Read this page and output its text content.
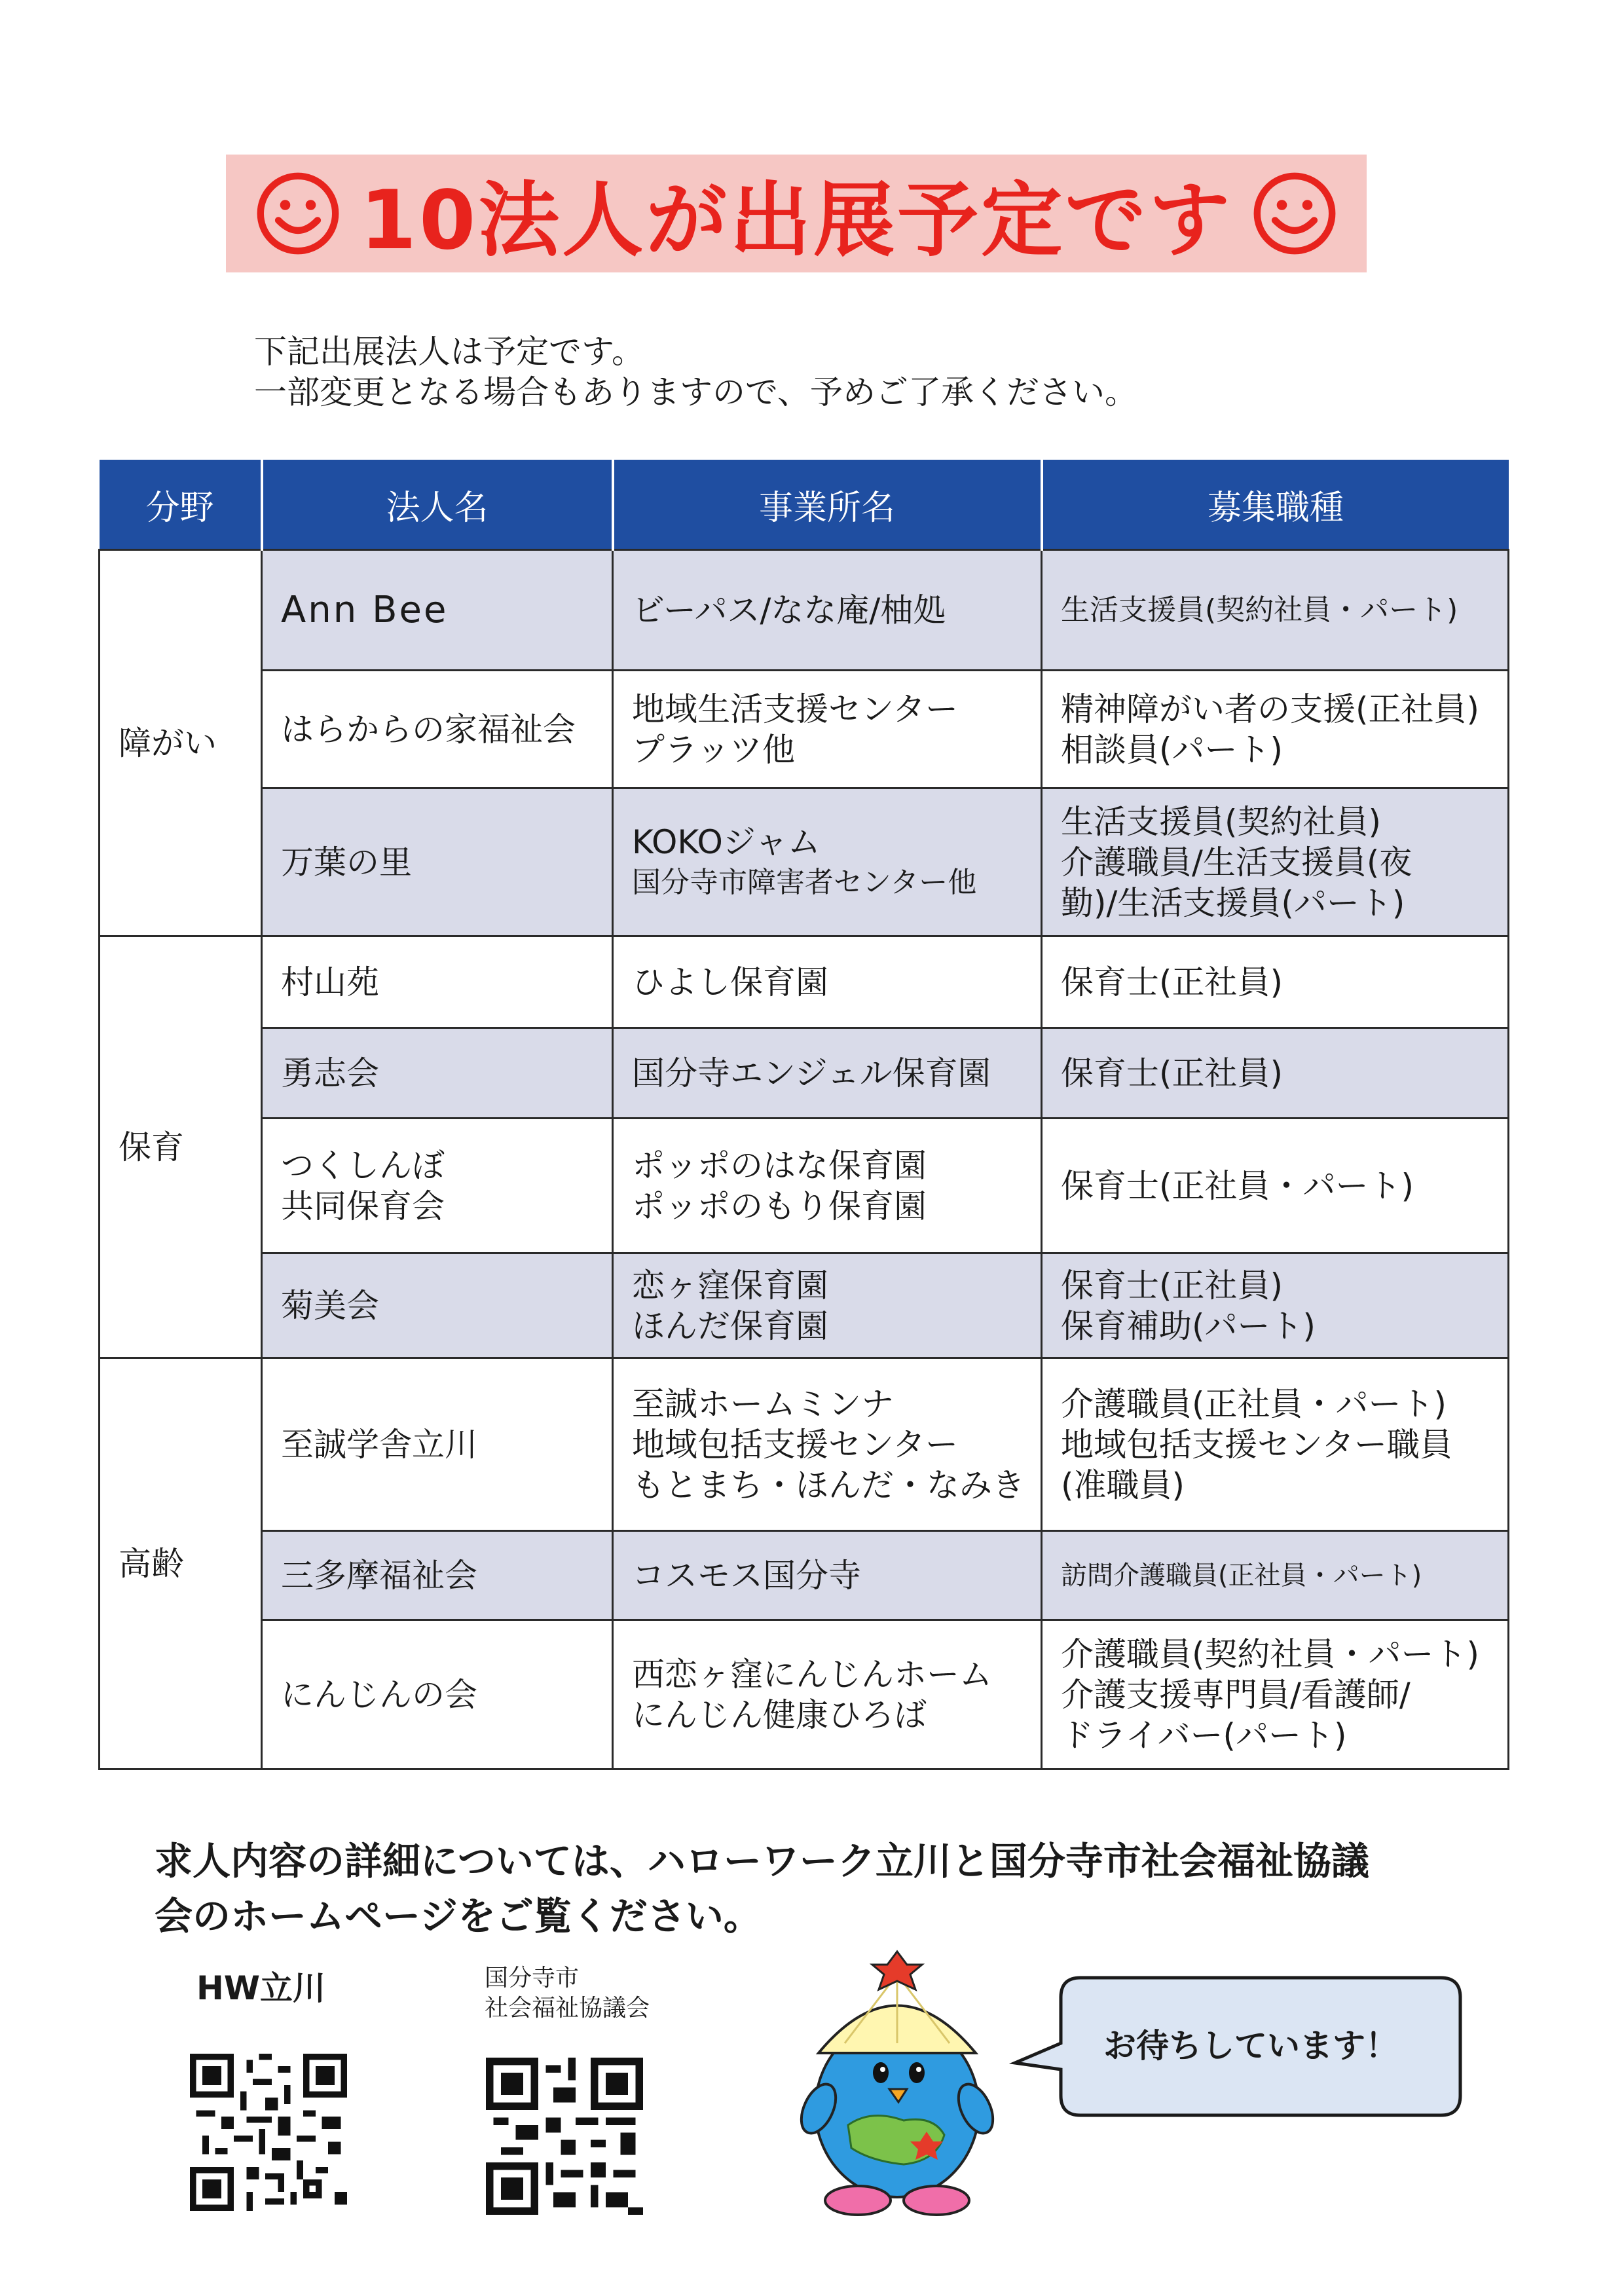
10法人が出展予定です
下記出展法人は予定です。
一部変更となる場合もありますので、予めご了承ください。
分野	法人名	事業所名	募集職種
障がい	Ann Bee	ビーパス/なな庵/柚処	生活支援員(契約社員・パート)

	はらからの家福祉会	地域生活支援センター
プラッツ他	精神障がい者の支援(正社員)
相談員(パート)

	万葉の里	KOKOジャム
国分寺市障害者センター他	生活支援員(契約社員)
介護職員/生活支援員(夜
勤)/生活支援員(パート)

保育	村山苑	ひよし保育園	保育士(正社員)

	勇志会	国分寺エンジェル保育園	保育士(正社員)

	つくしんぼ
共同保育会	ポッポのはな保育園
ポッポのもり保育園	保育士(正社員・パート)

	菊美会	恋ヶ窪保育園
ほんだ保育園	保育士(正社員)
保育補助(パート)

高齢	至誠学舎立川	至誠ホームミンナ
地域包括支援センター
もとまち・ほんだ・なみき	介護職員(正社員・パート)
地域包括支援センター職員
(准職員)

	三多摩福祉会	コスモス国分寺	訪問介護職員(正社員・パート)

	にんじんの会	西恋ヶ窪にんじんホーム
にんじん健康ひろば	介護職員(契約社員・パート)
介護支援専門員/看護師/
ドライバー(パート)
求人内容の詳細については、ハローワーク立川と国分寺市社会福祉協議
会のホームページをご覧ください。
HW立川	国分寺市
社会福祉協議会
お待ちしています！
